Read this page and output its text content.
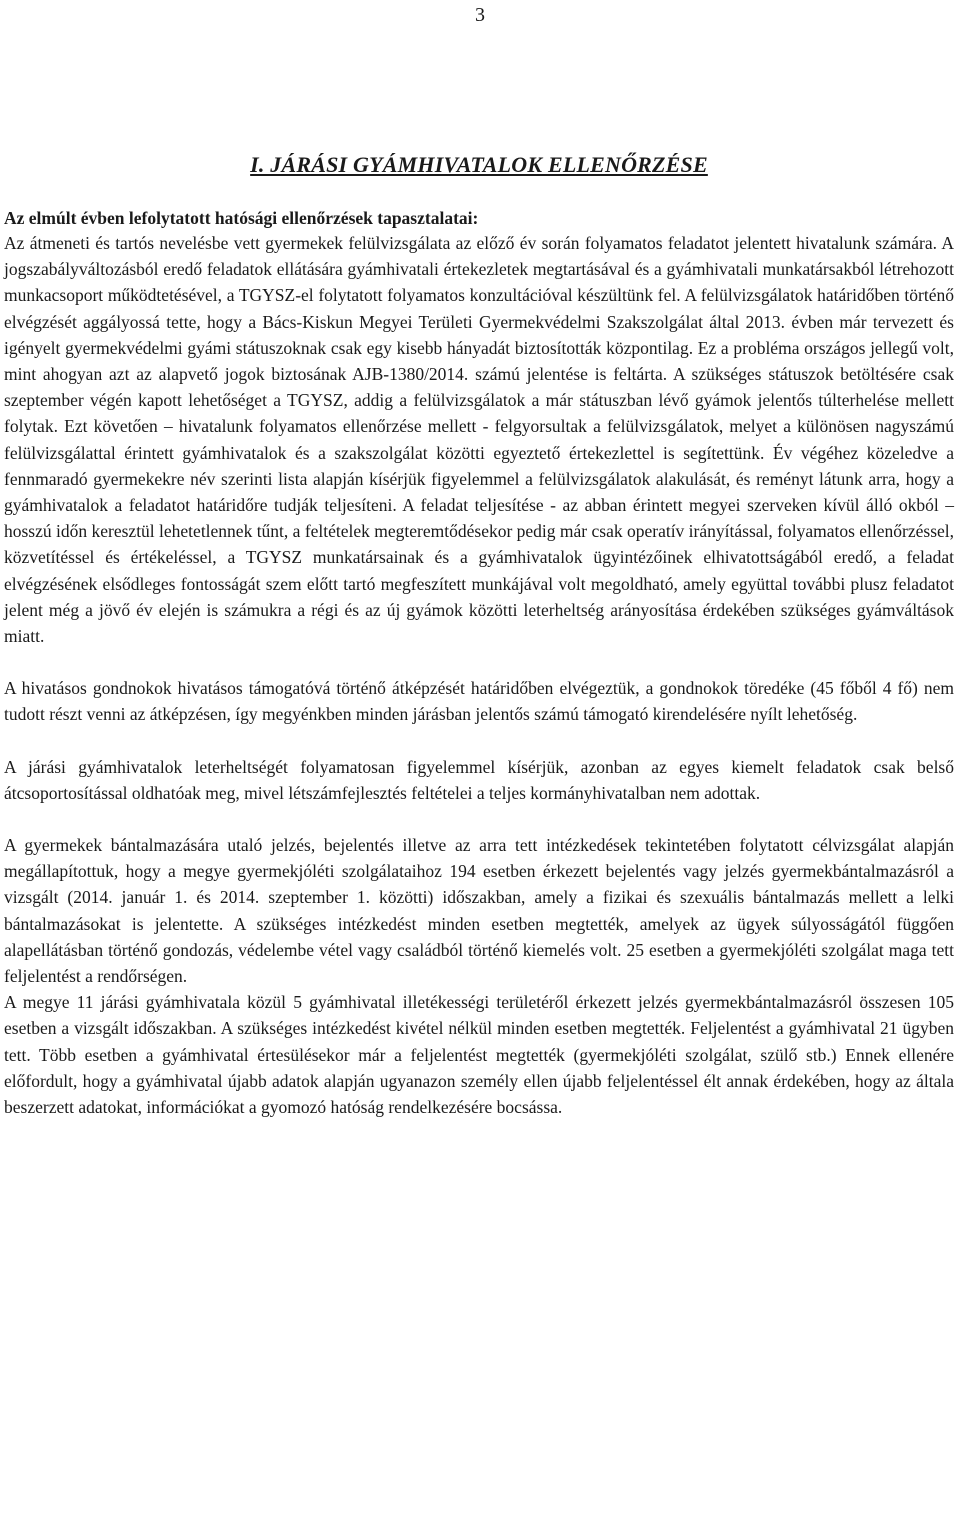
3
I. JÁRÁSI GYÁMHIVATALOK ELLENŐRZÉSE

Az elmúlt évben lefolytatott hatósági ellenőrzések tapasztalatai:

Az átmeneti és tartós nevelésbe vett gyermekek felülvizsgálata az előző év során folyamatos feladatot jelentett hivatalunk számára. A jogszabályváltozásból eredő feladatok ellátására gyámhivatali értekezletek megtartásával és a gyámhivatali munkatársakból létrehozott munkacsoport működtetésével, a TGYSZ-el folytatott folyamatos konzultációval készültünk fel. A felülvizsgálatok határidőben történő elvégzését aggályossá tette, hogy a Bács-Kiskun Megyei Területi Gyermekvédelmi Szakszolgálat által 2013. évben már tervezett és igényelt gyermekvédelmi gyámi státuszoknak csak egy kisebb hányadát biztosították központilag. Ez a probléma országos jellegű volt, mint ahogyan azt az alapvető jogok biztosának AJB-1380/2014. számú jelentése is feltárta. A szükséges státuszok betöltésére csak szeptember végén kapott lehetőséget a TGYSZ, addig a felülvizsgálatok a már státuszban lévő gyámok jelentős túlterhelése mellett folytak. Ezt követően – hivatalunk folyamatos ellenőrzése mellett - felgyorsultak a felülvizsgálatok, melyet a különösen nagyszámú felülvizsgálattal érintett gyámhivatalok és a szakszolgálat közötti egyeztető értekezlettel is segítettünk. Év végéhez közeledve a fennmaradó gyermekekre név szerinti lista alapján kísérjük figyelemmel a felülvizsgálatok alakulását, és reményt látunk arra, hogy a gyámhivatalok a feladatot határidőre tudják teljesíteni. A feladat teljesítése - az abban érintett megyei szerveken kívül álló okból – hosszú időn keresztül lehetetlennek tűnt, a feltételek megteremtődésekor pedig már csak operatív irányítással, folyamatos ellenőrzéssel, közvetítéssel és értékeléssel, a TGYSZ munkatársainak és a gyámhivatalok ügyintézőinek elhivatottságából eredő, a feladat elvégzésének elsődleges fontosságát szem előtt tartó megfeszített munkájával volt megoldható, amely együttal további plusz feladatot jelent még a jövő év elején is számukra a régi és az új gyámok közötti leterheltség arányosítása érdekében szükséges gyámváltások miatt.

A hivatásos gondnokok hivatásos támogatóvá történő átképzését határidőben elvégeztük, a gondnokok töredéke (45 főből 4 fő) nem tudott részt venni az átképzésen, így megyénkben minden járásban jelentős számú támogató kirendelésére nyílt lehetőség.

A járási gyámhivatalok leterheltségét folyamatosan figyelemmel kísérjük, azonban az egyes kiemelt feladatok csak belső átcsoportosítással oldhatóak meg, mivel létszámfejlesztés feltételei a teljes kormányhivatalban nem adottak.

A gyermekek bántalmazására utaló jelzés, bejelentés illetve az arra tett intézkedések tekintetében folytatott célvizsgálat alapján megállapítottuk, hogy a megye gyermekjóléti szolgálataihoz 194 esetben érkezett bejelentés vagy jelzés gyermekbántalmazásról a vizsgált (2014. január 1. és 2014. szeptember 1. közötti) időszakban, amely a fizikai és szexuális bántalmazás mellett a lelki bántalmazásokat is jelentette. A szükséges intézkedést minden esetben megtették, amelyek az ügyek súlyosságától függően alapellátásban történő gondozás, védelembe vétel vagy családból történő kiemelés volt. 25 esetben a gyermekjóléti szolgálat maga tett feljelentést a rendőrségen.

A megye 11 járási gyámhivatala közül 5 gyámhivatal illetékességi területéről érkezett jelzés gyermekbántalmazásról összesen 105 esetben a vizsgált időszakban. A szükséges intézkedést kivétel nélkül minden esetben megtették. Feljelentést a gyámhivatal 21 ügyben tett. Több esetben a gyámhivatal értesülésekor már a feljelentést megtették (gyermekjóléti szolgálat, szülő stb.) Ennek ellenére előfordult, hogy a gyámhivatal újabb adatok alapján ugyanazon személy ellen újabb feljelentéssel élt annak érdekében, hogy az általa beszerzett adatokat, információkat a gyomozó hatóság rendelkezésére bocsássa.
